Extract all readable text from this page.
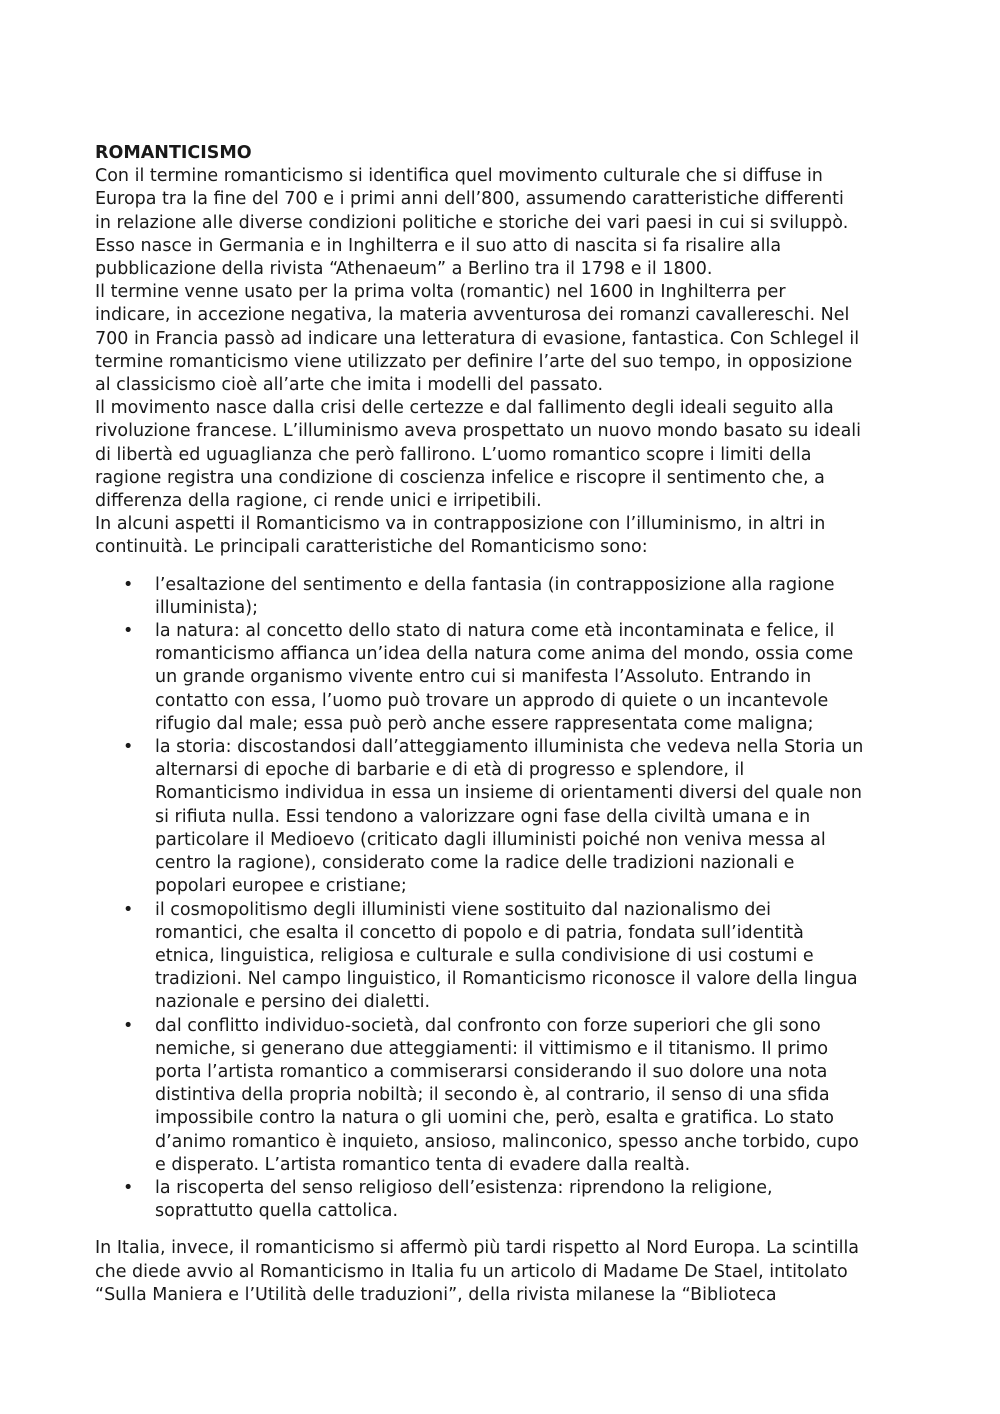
ROMANTICISMO

Con il termine romanticismo si identifica quel movimento culturale che si diffuse in
Europa tra la fine del 700 e i primi anni dell’800, assumendo caratteristiche differenti
in relazione alle diverse condizioni politiche e storiche dei vari paesi in cui si sviluppò.
Esso nasce in Germania e in Inghilterra e il suo atto di nascita si fa risalire alla
pubblicazione della rivista “Athenaeum” a Berlino tra il 1798 e il 1800.

Il termine venne usato per la prima volta (romantic) nel 1600 in Inghilterra per
indicare, in accezione negativa, la materia avventurosa dei romanzi cavallereschi. Nel
700 in Francia passò ad indicare una letteratura di evasione, fantastica. Con Schlegel il
termine romanticismo viene utilizzato per definire l’arte del suo tempo, in opposizione
al classicismo cioè all’arte che imita i modelli del passato.

Il movimento nasce dalla crisi delle certezze e dal fallimento degli ideali seguito alla
rivoluzione francese. L’illuminismo aveva prospettato un nuovo mondo basato su ideali
di libertà ed uguaglianza che però fallirono. L’uomo romantico scopre i limiti della
ragione registra una condizione di coscienza infelice e riscopre il sentimento che, a
differenza della ragione, ci rende unici e irripetibili.

In alcuni aspetti il Romanticismo va in contrapposizione con l’illuminismo, in altri in
continuità. Le principali caratteristiche del Romanticismo sono:

• l’esaltazione del sentimento e della fantasia (in contrapposizione alla ragione
illuminista);
• la natura: al concetto dello stato di natura come età incontaminata e felice, il
romanticismo affianca un’idea della natura come anima del mondo, ossia come
un grande organismo vivente entro cui si manifesta l’Assoluto. Entrando in
contatto con essa, l’uomo può trovare un approdo di quiete o un incantevole
rifugio dal male; essa può però anche essere rappresentata come maligna;
• la storia: discostandosi dall’atteggiamento illuminista che vedeva nella Storia un
alternarsi di epoche di barbarie e di età di progresso e splendore, il
Romanticismo individua in essa un insieme di orientamenti diversi del quale non
si rifiuta nulla. Essi tendono a valorizzare ogni fase della civiltà umana e in
particolare il Medioevo (criticato dagli illuministi poiché non veniva messa al
centro la ragione), considerato come la radice delle tradizioni nazionali e
popolari europee e cristiane;
• il cosmopolitismo degli illuministi viene sostituito dal nazionalismo dei
romantici, che esalta il concetto di popolo e di patria, fondata sull’identità
etnica, linguistica, religiosa e culturale e sulla condivisione di usi costumi e
tradizioni. Nel campo linguistico, il Romanticismo riconosce il valore della lingua
nazionale e persino dei dialetti.
• dal conflitto individuo-società, dal confronto con forze superiori che gli sono
nemiche, si generano due atteggiamenti: il vittimismo e il titanismo. Il primo
porta l’artista romantico a commiserarsi considerando il suo dolore una nota
distintiva della propria nobiltà; il secondo è, al contrario, il senso di una sfida
impossibile contro la natura o gli uomini che, però, esalta e gratifica. Lo stato
d’animo romantico è inquieto, ansioso, malinconico, spesso anche torbido, cupo
e disperato. L’artista romantico tenta di evadere dalla realtà.
• la riscoperta del senso religioso dell’esistenza: riprendono la religione,
soprattutto quella cattolica.

In Italia, invece, il romanticismo si affermò più tardi rispetto al Nord Europa. La scintilla
che diede avvio al Romanticismo in Italia fu un articolo di Madame De Stael, intitolato
“Sulla Maniera e l’Utilità delle traduzioni”, della rivista milanese la “Biblioteca
